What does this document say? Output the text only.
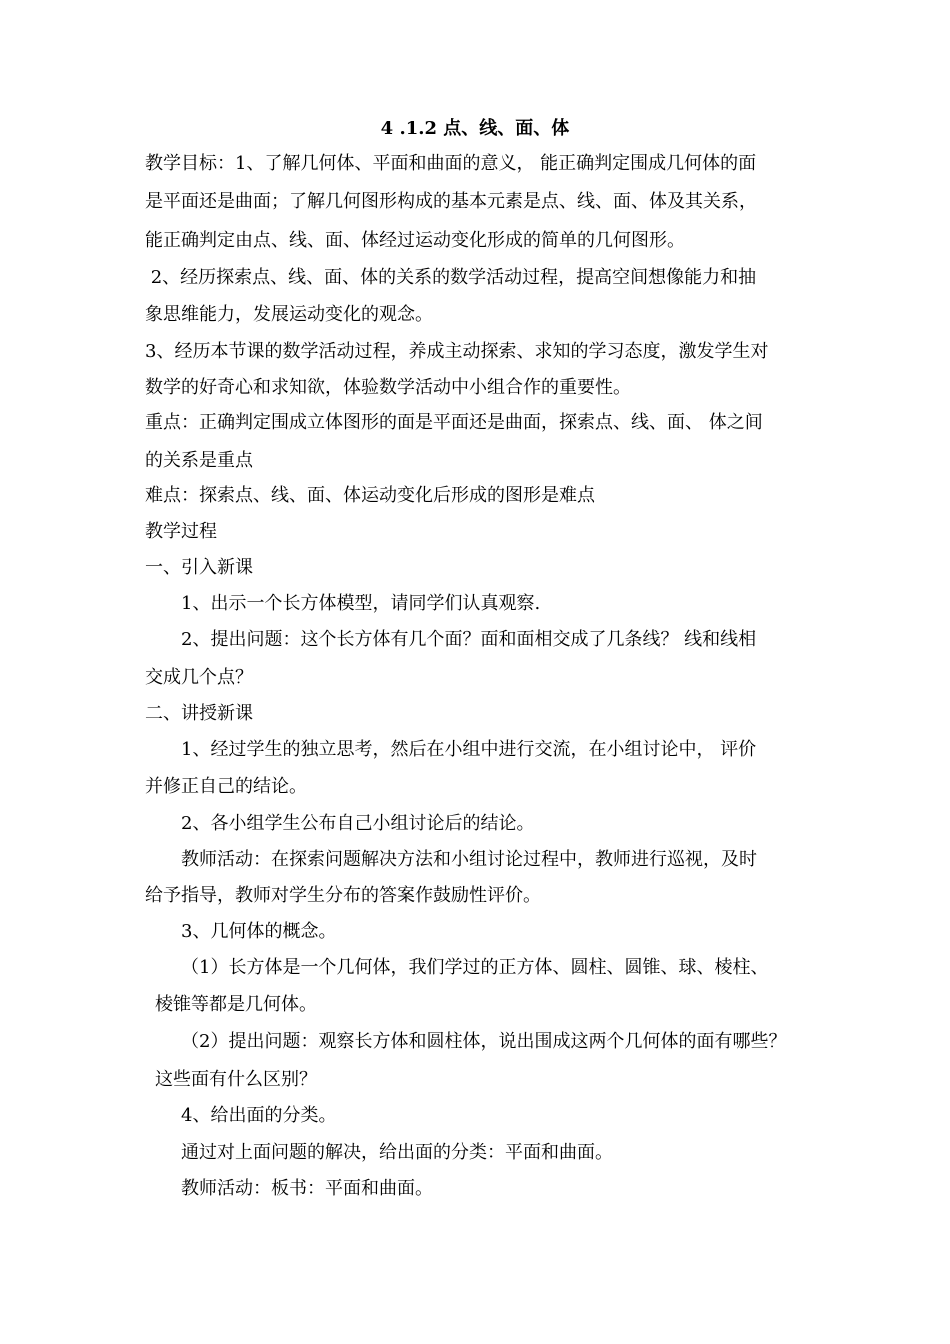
4 .1.2 点、线、面、体
教学目标：1、了解几何体、平面和曲面的意义， 能正确判定围成几何体的面
是平面还是曲面；了解几何图形构成的基本元素是点、线、面、体及其关系，
能正确判定由点、线、面、体经过运动变化形成的简单的几何图形。
2、经历探索点、线、面、体的关系的数学活动过程，提高空间想像能力和抽
象思维能力，发展运动变化的观念。
3、经历本节课的数学活动过程，养成主动探索、求知的学习态度，激发学生对
数学的好奇心和求知欲，体验数学活动中小组合作的重要性。
重点：正确判定围成立体图形的面是平面还是曲面，探索点、线、面、 体之间
的关系是重点
难点：探索点、线、面、体运动变化后形成的图形是难点
教学过程
一、引入新课
1、出示一个长方体模型，请同学们认真观察.
2、提出问题：这个长方体有几个面？面和面相交成了几条线？ 线和线相
交成几个点？
二、讲授新课
1、经过学生的独立思考，然后在小组中进行交流，在小组讨论中， 评价
并修正自己的结论。
2、各小组学生公布自己小组讨论后的结论。
教师活动：在探索问题解决方法和小组讨论过程中，教师进行巡视，及时
给予指导，教师对学生分布的答案作鼓励性评价。
3、几何体的概念。
（1）长方体是一个几何体，我们学过的正方体、圆柱、圆锥、球、棱柱、
棱锥等都是几何体。
（2）提出问题：观察长方体和圆柱体，说出围成这两个几何体的面有哪些？
这些面有什么区别？
4、给出面的分类。
通过对上面问题的解决，给出面的分类：平面和曲面。
教师活动：板书：平面和曲面。
